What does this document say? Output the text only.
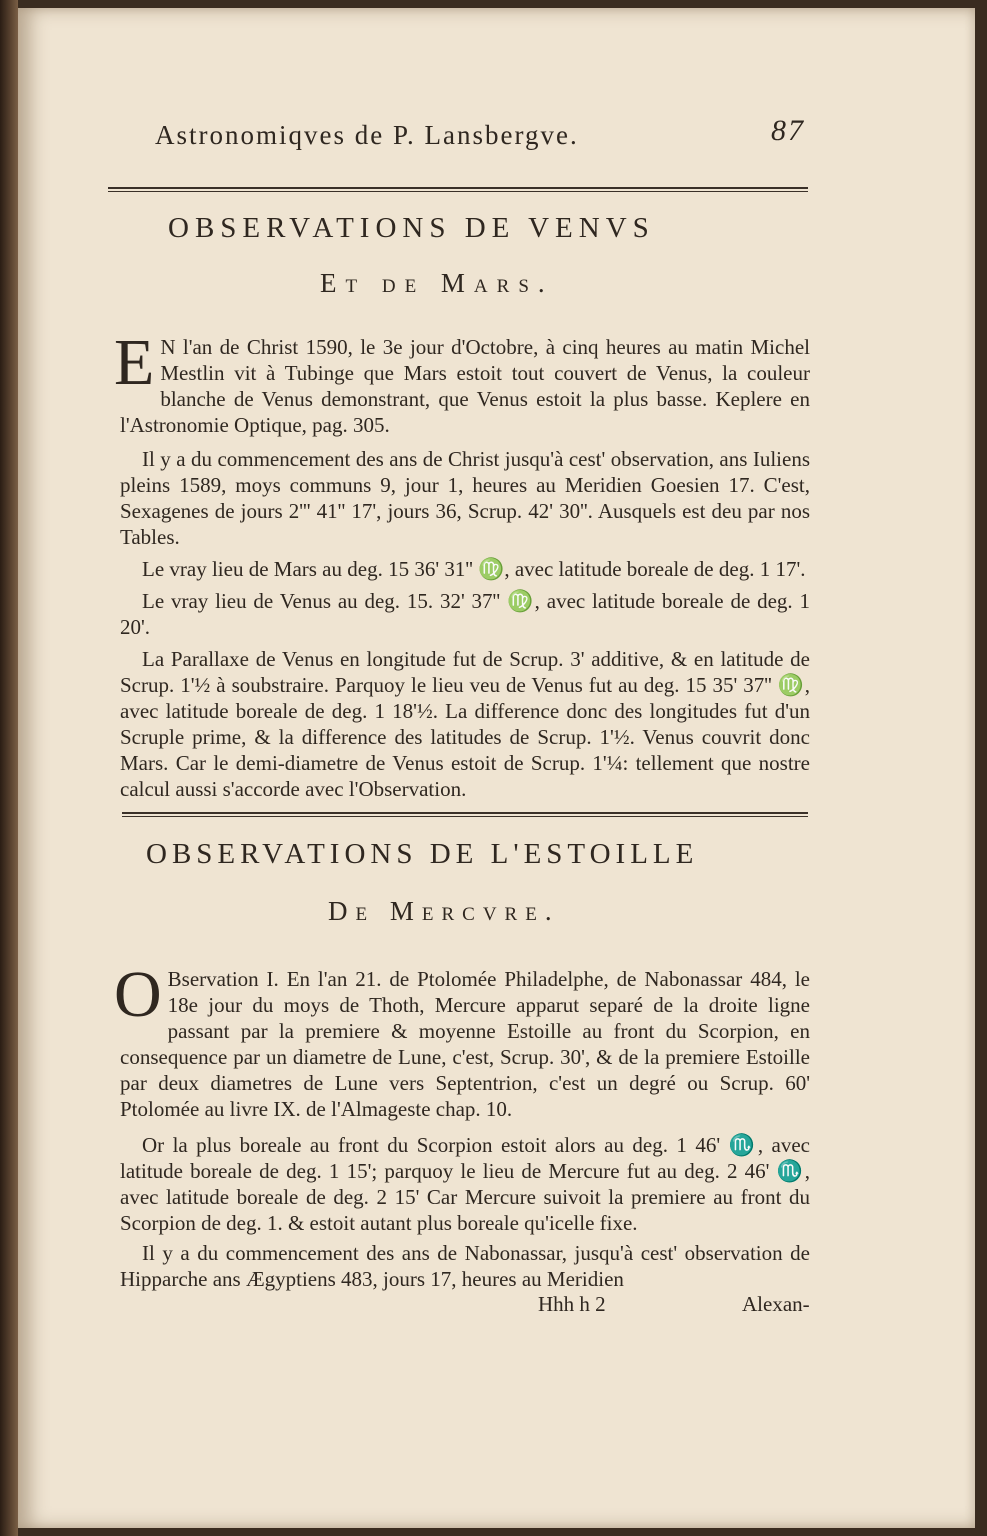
Astronomiqves de P. Lansbergve.	87
OBSERVATIONS DE VENVS
Et de Mars.

E N l'an de Christ 1590, le 3e jour d'Octobre, à cinq heures au matin Michel Mestlin vit à Tubinge que Mars estoit tout couvert de Venus, la couleur blanche de Venus demonstrant, que Venus estoit la plus basse. Keplere en l'Astronomie Optique, pag. 305.

Il y a du commencement des ans de Christ jusqu'à cest' observation, ans Iuliens pleins 1589, moys communs 9, jour 1, heures au Meridien Goesien 17. C'est, Sexagenes de jours 2''' 41'' 17', jours 36, Scrup. 42' 30''. Ausquels est deu par nos Tables.

Le vray lieu de Mars au deg. 15 36' 31'' ♍, avec latitude boreale de deg. 1 17'.

Le vray lieu de Venus au deg. 15. 32' 37'' ♍, avec latitude boreale de deg. 1 20'.

La Parallaxe de Venus en longitude fut de Scrup. 3' additive, & en latitude de Scrup. 1'½ à soubstraire. Parquoy le lieu veu de Venus fut au deg. 15 35' 37'' ♍, avec latitude boreale de deg. 1 18'½. La difference donc des longitudes fut d'un Scruple prime, & la difference des latitudes de Scrup. 1'½. Venus couvrit donc Mars. Car le demi-diametre de Venus estoit de Scrup. 1'¼: tellement que nostre calcul aussi s'accorde avec l'Observation.

OBSERVATIONS DE L'ESTOILLE
De Mercvre.

O Bservation I. En l'an 21. de Ptolomée Philadelphe, de Nabonassar 484, le 18e jour du moys de Thoth, Mercure apparut separé de la droite ligne passant par la premiere & moyenne Estoille au front du Scorpion, en consequence par un diametre de Lune, c'est, Scrup. 30', & de la premiere Estoille par deux diametres de Lune vers Septentrion, c'est un degré ou Scrup. 60' Ptolomée au livre IX. de l'Almageste chap. 10.

Or la plus boreale au front du Scorpion estoit alors au deg. 1 46' ♏, avec latitude boreale de deg. 1 15'; parquoy le lieu de Mercure fut au deg. 2 46' ♏, avec latitude boreale de deg. 2 15' Car Mercure suivoit la premiere au front du Scorpion de deg. 1. & estoit autant plus boreale qu'icelle fixe.

Il y a du commencement des ans de Nabonassar, jusqu'à cest' observation de Hipparche ans Ægyptiens 483, jours 17, heures au Meridien

Hhh h 2	Alexan-
